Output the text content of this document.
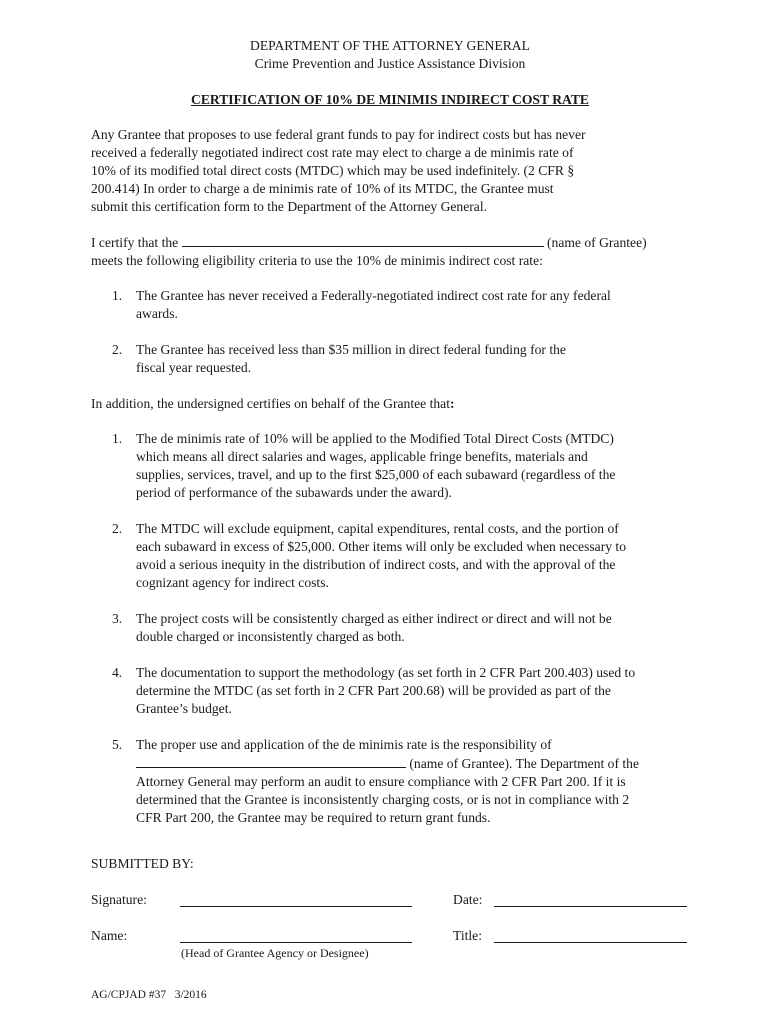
DEPARTMENT OF THE ATTORNEY GENERAL
Crime Prevention and Justice Assistance Division
CERTIFICATION OF 10% DE MINIMIS INDIRECT COST RATE
Any Grantee that proposes to use federal grant funds to pay for indirect costs but has never
received a federally negotiated indirect cost rate may elect to charge a de minimis rate of
10% of its modified total direct costs (MTDC) which may be used indefinitely. (2 CFR §
200.414) In order to charge a de minimis rate of 10% of its MTDC, the Grantee must
submit this certification form to the Department of the Attorney General.
I certify that the	(name of Grantee)
meets the following eligibility criteria to use the 10% de minimis indirect cost rate:
1. The Grantee has never received a Federally-negotiated indirect cost rate for any federal
awards.
2. The Grantee has received less than $35 million in direct federal funding for the
fiscal year requested.
In addition, the undersigned certifies on behalf of the Grantee that:
1. The de minimis rate of 10% will be applied to the Modified Total Direct Costs (MTDC)
which means all direct salaries and wages, applicable fringe benefits, materials and
supplies, services, travel, and up to the first $25,000 of each subaward (regardless of the
period of performance of the subawards under the award).
2. The MTDC will exclude equipment, capital expenditures, rental costs, and the portion of
each subaward in excess of $25,000. Other items will only be excluded when necessary to
avoid a serious inequity in the distribution of indirect costs, and with the approval of the
cognizant agency for indirect costs.
3. The project costs will be consistently charged as either indirect or direct and will not be
double charged or inconsistently charged as both.
4. The documentation to support the methodology (as set forth in 2 CFR Part 200.403) used to
determine the MTDC (as set forth in 2 CFR Part 200.68) will be provided as part of the
Grantee’s budget.
5. The proper use and application of the de minimis rate is the responsibility of
(name of Grantee). The Department of the
Attorney General may perform an audit to ensure compliance with 2 CFR Part 200. If it is
determined that the Grantee is inconsistently charging costs, or is not in compliance with 2
CFR Part 200, the Grantee may be required to return grant funds.
SUBMITTED BY:
Signature:	Date:
Name:	Title:
(Head of Grantee Agency or Designee)
AG/CPJAD #37   3/2016
